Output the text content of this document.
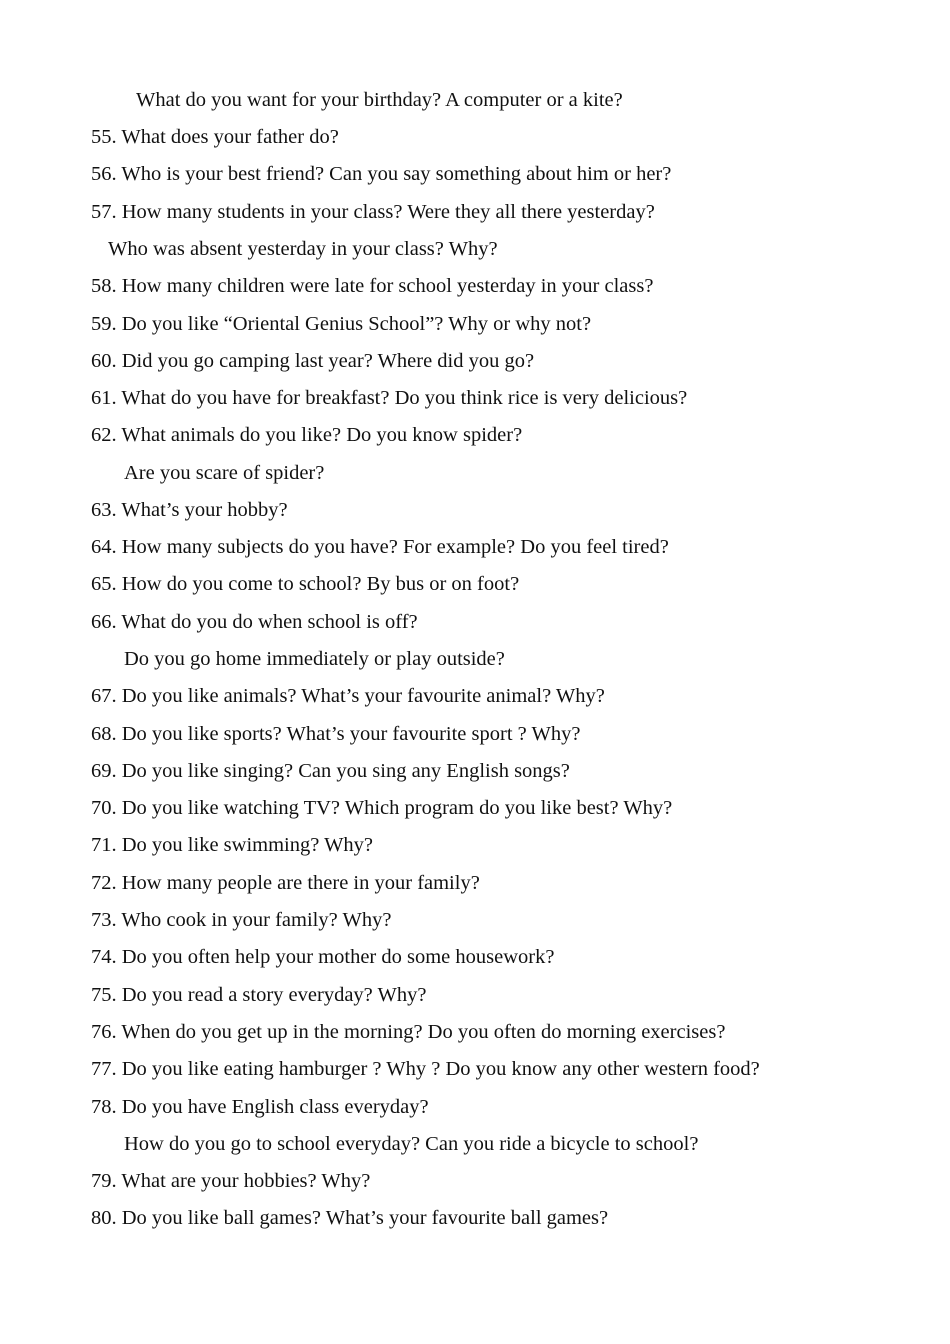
What do you want for your birthday? A computer or a kite?
55. What does your father do?
56. Who is your best friend? Can you say something about him or her?
57. How many students in your class? Were they all there yesterday?
Who was absent yesterday in your class? Why?
58. How many children were late for school yesterday in your class?
59. Do you like “Oriental Genius School”? Why or why not?
60. Did you go camping last year? Where did you go?
61. What do you have for breakfast? Do you think rice is very delicious?
62. What animals do you like? Do you know spider?
Are you scare of spider?
63. What’s your hobby?
64. How many subjects do you have? For example? Do you feel tired?
65. How do you come to school? By bus or on foot?
66. What do you do when school is off?
Do you go home immediately or play outside?
67. Do you like animals? What’s your favourite animal? Why?
68. Do you like sports? What’s your favourite sport ? Why?
69. Do you like singing? Can you sing any English songs?
70. Do you like watching TV? Which program do you like best? Why?
71. Do you like swimming? Why?
72. How many people are there in your family?
73. Who cook in your family? Why?
74. Do you often help your mother do some housework?
75. Do you read a story everyday? Why?
76. When do you get up in the morning? Do you often do morning exercises?
77. Do you like eating hamburger ? Why ? Do you know any other western food?
78. Do you have English class everyday?
How do you go to school everyday? Can you ride a bicycle to school?
79. What are your hobbies? Why?
80. Do you like ball games? What’s your favourite ball games?
